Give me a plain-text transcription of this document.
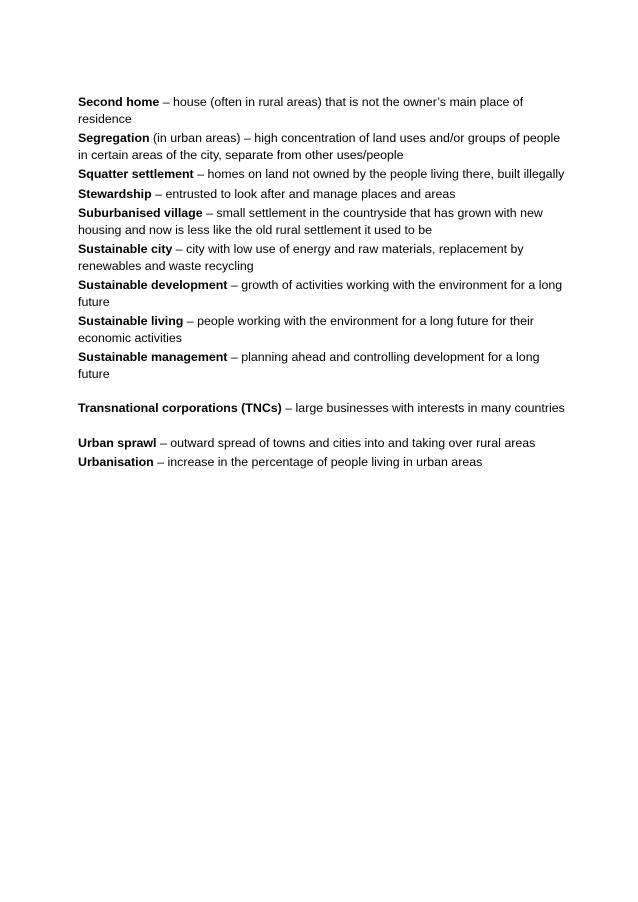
Second home – house (often in rural areas) that is not the owner’s main place of residence
Segregation (in urban areas) – high concentration of land uses and/or groups of people in certain areas of the city, separate from other uses/people
Squatter settlement – homes on land not owned by the people living there, built illegally
Stewardship – entrusted to look after and manage places and areas
Suburbanised village – small settlement in the countryside that has grown with new housing and now is less like the old rural settlement it used to be
Sustainable city – city with low use of energy and raw materials, replacement by renewables and waste recycling
Sustainable development – growth of activities working with the environment for a long future
Sustainable living – people working with the environment for a long future for their economic activities
Sustainable management – planning ahead and controlling development for a long future
Transnational corporations (TNCs) – large businesses with interests in many countries
Urban sprawl – outward spread of towns and cities into and taking over rural areas
Urbanisation – increase in the percentage of people living in urban areas
